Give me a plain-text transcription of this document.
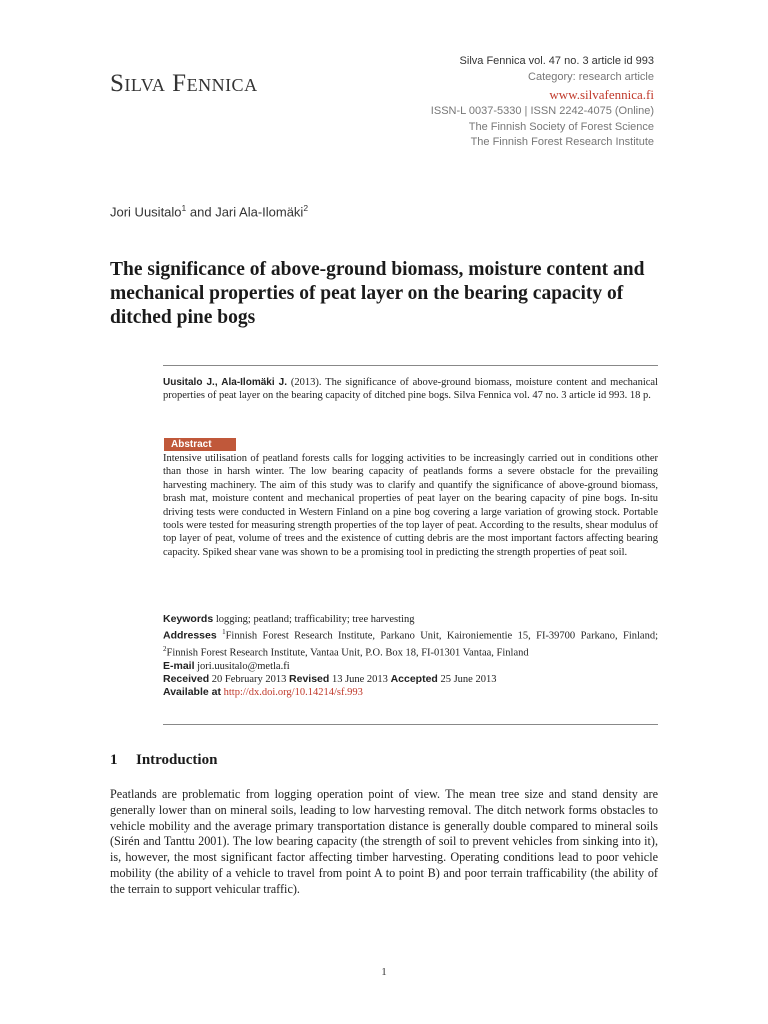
Silva Fennica
Silva Fennica vol. 47 no. 3 article id 993
Category: research article
www.silvafennica.fi
ISSN-L 0037-5330 | ISSN 2242-4075 (Online)
The Finnish Society of Forest Science
The Finnish Forest Research Institute
Jori Uusitalo$^1$ and Jari Ala-Ilomäki$^2$
The significance of above-ground biomass, moisture content and mechanical properties of peat layer on the bearing capacity of ditched pine bogs

Uusitalo J., Ala-Ilomäki J. (2013). The significance of above-ground biomass, moisture content and mechanical properties of peat layer on the bearing capacity of ditched pine bogs. Silva Fennica vol. 47 no. 3 article id 993. 18 p.

Abstract

Intensive utilisation of peatland forests calls for logging activities to be increasingly carried out in conditions other than those in harsh winter. The low bearing capacity of peatlands forms a severe obstacle for the prevailing harvesting machinery. The aim of this study was to clarify and quantify the significance of above-ground biomass, brash mat, moisture content and mechanical properties of peat layer on the bearing capacity of pine bogs. In-situ driving tests were conducted in Western Finland on a pine bog covering a large variation of growing stock. Portable tools were tested for measuring strength properties of the top layer of peat. According to the results, shear modulus of top layer of peat, volume of trees and the existence of cutting debris are the most important factors affecting bearing capacity. Spiked shear vane was shown to be a promising tool in predicting the strength properties of peat soil.

Keywords logging; peatland; trafficability; tree harvesting
Addresses $^1$Finnish Forest Research Institute, Parkano Unit, Kaironiementie 15, FI-39700 Parkano, Finland; $^2$Finnish Forest Research Institute, Vantaa Unit, P.O. Box 18, FI-01301 Vantaa, Finland
E-mail jori.uusitalo@metla.fi
Received 20 February 2013 Revised 13 June 2013 Accepted 25 June 2013
Available at http://dx.doi.org/10.14214/sf.993
1 Introduction

Peatlands are problematic from logging operation point of view. The mean tree size and stand density are generally lower than on mineral soils, leading to low harvesting removal. The ditch network forms obstacles to vehicle mobility and the average primary transportation distance is generally double compared to mineral soils (Sirén and Tanttu 2001). The low bearing capacity (the strength of soil to prevent vehicles from sinking into it), is, however, the most significant factor affecting timber harvesting. Operating conditions lead to poor vehicle mobility (the ability of a vehicle to travel from point A to point B) and poor terrain trafficability (the ability of the terrain to support vehicular traffic).

1
